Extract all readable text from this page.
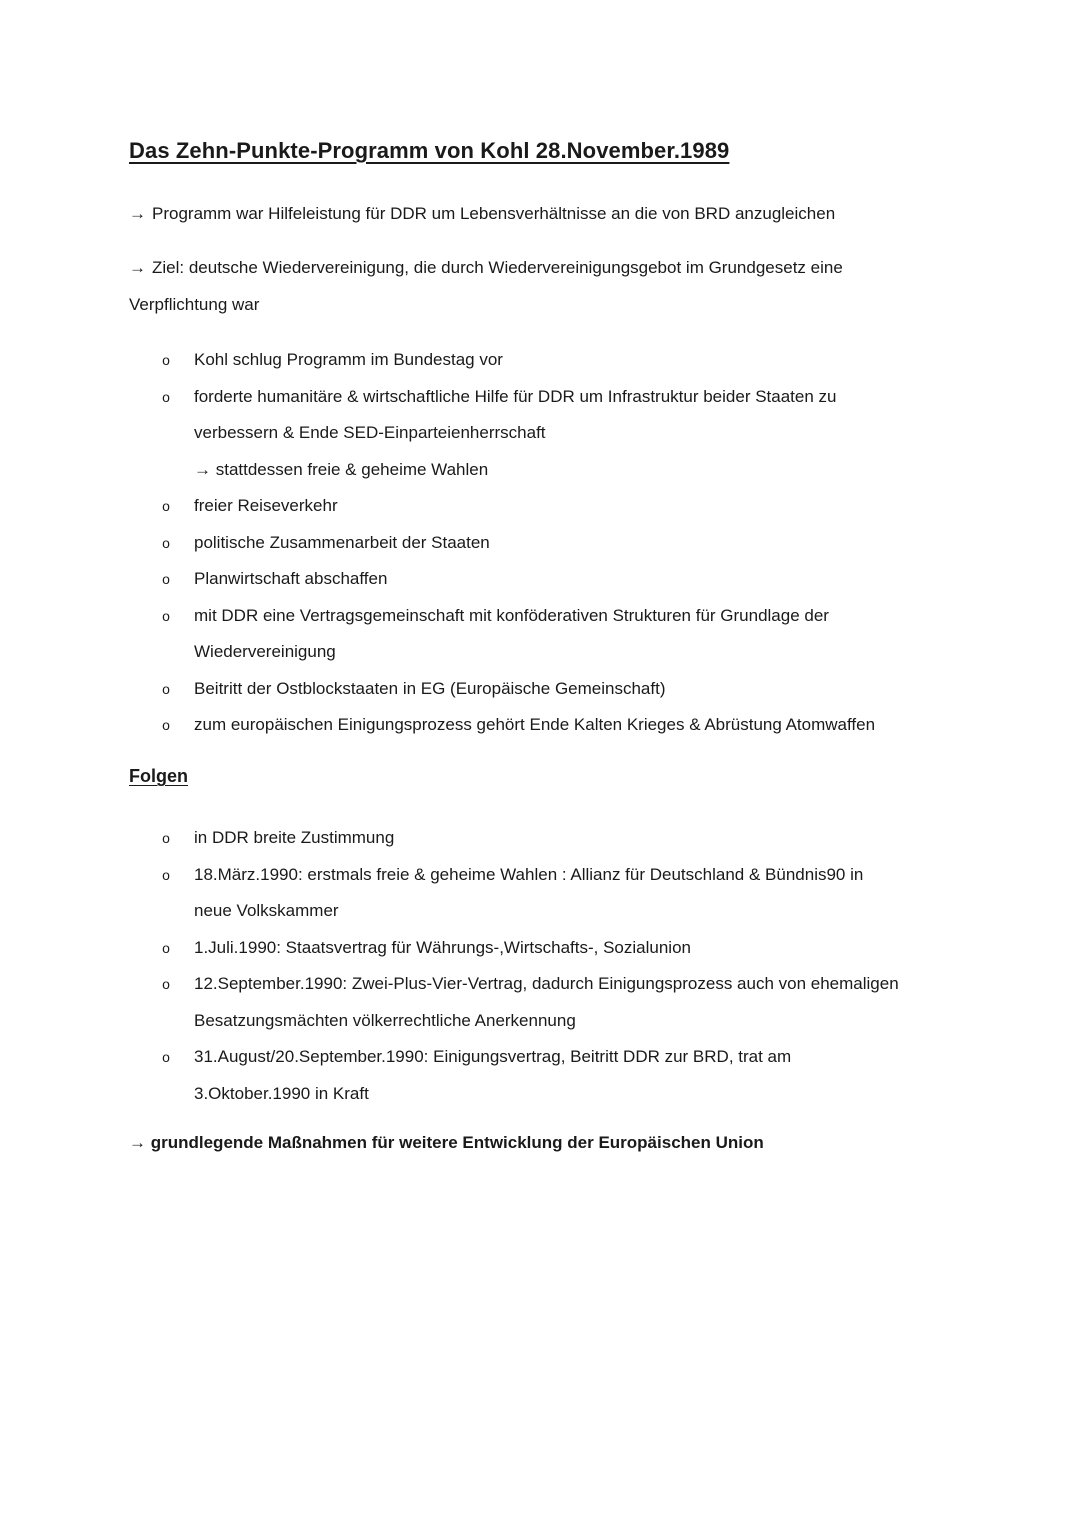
Das Zehn-Punkte-Programm von Kohl 28.November.1989
→ Programm war Hilfeleistung für DDR um Lebensverhältnisse an die von BRD anzugleichen
→ Ziel: deutsche Wiedervereinigung, die durch Wiedervereinigungsgebot im Grundgesetz eine
Verpflichtung war
o Kohl schlug Programm im Bundestag vor
o forderte humanitäre & wirtschaftliche Hilfe für DDR um Infrastruktur beider Staaten zu
verbessern & Ende SED-Einparteienherrschaft
→ stattdessen freie & geheime Wahlen
o freier Reiseverkehr
o politische Zusammenarbeit der Staaten
o Planwirtschaft abschaffen
o mit DDR eine Vertragsgemeinschaft mit konföderativen Strukturen für Grundlage der
Wiedervereinigung
o Beitritt der Ostblockstaaten in EG (Europäische Gemeinschaft)
o zum europäischen Einigungsprozess gehört Ende Kalten Krieges & Abrüstung Atomwaffen
Folgen
o in DDR breite Zustimmung
o 18.März.1990: erstmals freie & geheime Wahlen : Allianz für Deutschland & Bündnis90 in
neue Volkskammer
o 1.Juli.1990: Staatsvertrag für Währungs-,Wirtschafts-, Sozialunion
o 12.September.1990: Zwei-Plus-Vier-Vertrag, dadurch Einigungsprozess auch von ehemaligen
Besatzungsmächten völkerrechtliche Anerkennung
o 31.August/20.September.1990: Einigungsvertrag, Beitritt DDR zur BRD, trat am
3.Oktober.1990 in Kraft
→ grundlegende Maßnahmen für weitere Entwicklung der Europäischen Union
